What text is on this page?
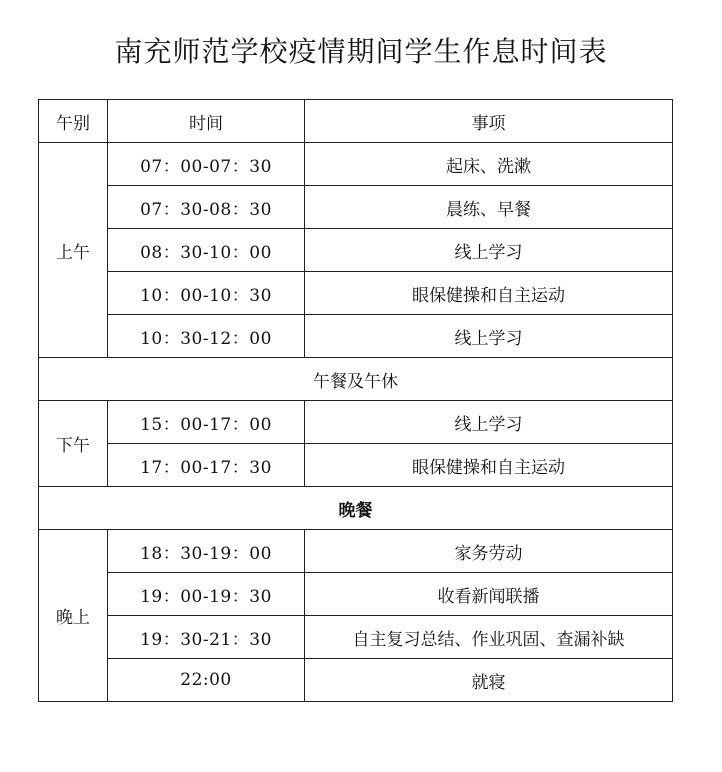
南充师范学校疫情期间学生作息时间表
午别	时间	事项
上午	07：00-07：30	起床、洗漱
	07：30-08：30	晨练、早餐
	08：30-10：00	线上学习
	10：00-10：30	眼保健操和自主运动
	10：30-12：00	线上学习
午餐及午休		
下午	15：00-17：00	线上学习
	17：00-17：30	眼保健操和自主运动
晚餐		
晚上	18：30-19：00	家务劳动
	19：00-19：30	收看新闻联播
	19：30-21：30	自主复习总结、作业巩固、查漏补缺
	22:00	就寝
